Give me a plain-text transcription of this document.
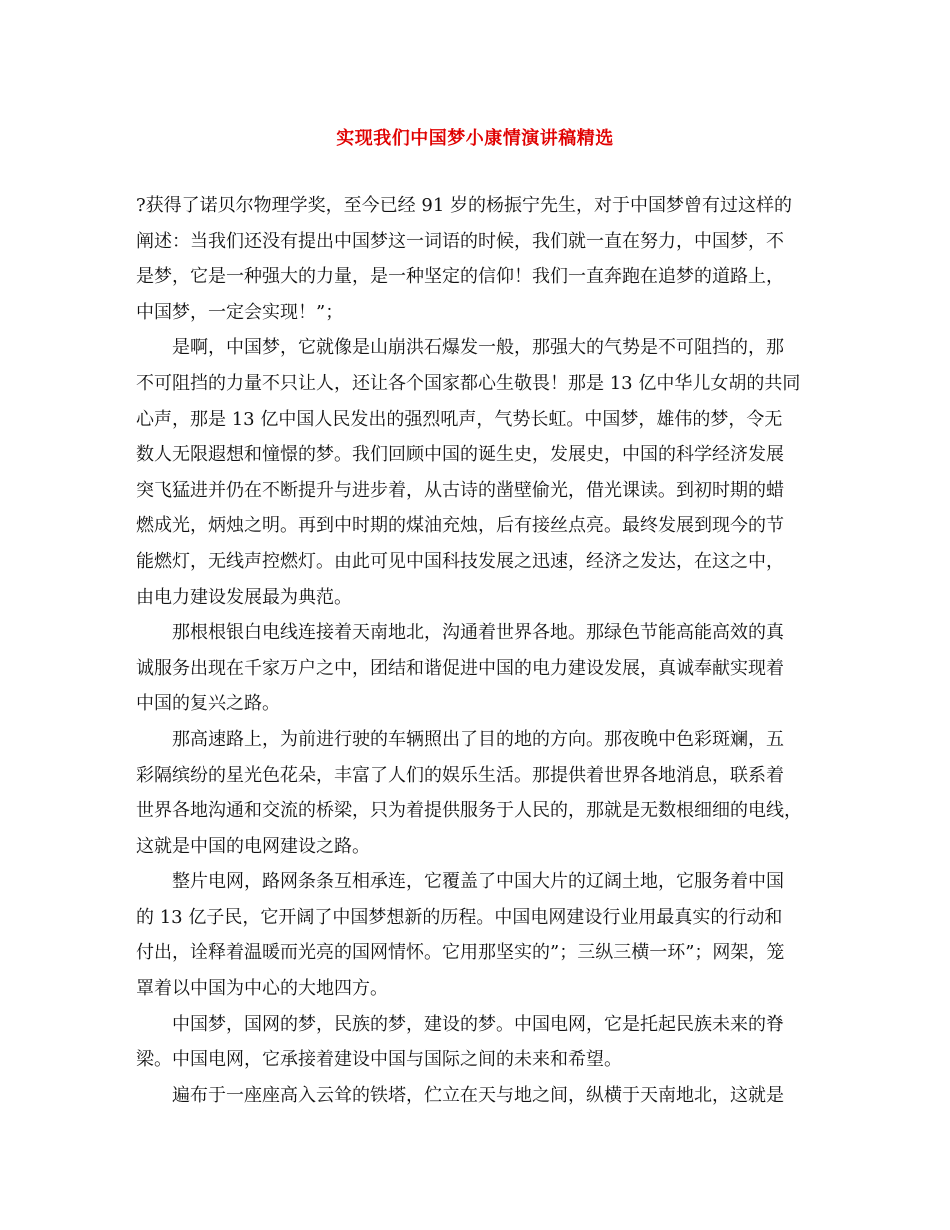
实现我们中国梦小康情演讲稿精选
?获得了诺贝尔物理学奖，至今已经 91 岁的杨振宁先生，对于中国梦曾有过这样的
阐述：当我们还没有提出中国梦这一词语的时候，我们就一直在努力，中国梦，不
是梦，它是一种强大的力量，是一种坚定的信仰！我们一直奔跑在追梦的道路上，
中国梦，一定会实现！”；
是啊，中国梦，它就像是山崩洪石爆发一般，那强大的气势是不可阻挡的，那
不可阻挡的力量不只让人，还让各个国家都心生敬畏！那是 13 亿中华儿女胡的共同
心声，那是 13 亿中国人民发出的强烈吼声，气势长虹。中国梦，雄伟的梦，令无
数人无限遐想和憧憬的梦。我们回顾中国的诞生史，发展史，中国的科学经济发展
突飞猛进并仍在不断提升与进步着，从古诗的凿壁偷光，借光课读。到初时期的蜡
燃成光，炳烛之明。再到中时期的煤油充烛，后有接丝点亮。最终发展到现今的节
能燃灯，无线声控燃灯。由此可见中国科技发展之迅速，经济之发达，在这之中，
由电力建设发展最为典范。
那根根银白电线连接着天南地北，沟通着世界各地。那绿色节能高能高效的真
诚服务出现在千家万户之中，团结和谐促进中国的电力建设发展，真诚奉献实现着
中国的复兴之路。
那高速路上，为前进行驶的车辆照出了目的地的方向。那夜晚中色彩斑斓，五
彩隔缤纷的星光色花朵，丰富了人们的娱乐生活。那提供着世界各地消息，联系着
世界各地沟通和交流的桥梁，只为着提供服务于人民的，那就是无数根细细的电线，
这就是中国的电网建设之路。
整片电网，路网条条互相承连，它覆盖了中国大片的辽阔土地，它服务着中国
的 13 亿子民，它开阔了中国梦想新的历程。中国电网建设行业用最真实的行动和
付出，诠释着温暖而光亮的国网情怀。它用那坚实的”；三纵三横一环”；网架，笼
罩着以中国为中心的大地四方。
中国梦，国网的梦，民族的梦，建设的梦。中国电网，它是托起民族未来的脊
梁。中国电网，它承接着建设中国与国际之间的未来和希望。
遍布于一座座高入云耸的铁塔，伫立在天与地之间，纵横于天南地北，这就是
